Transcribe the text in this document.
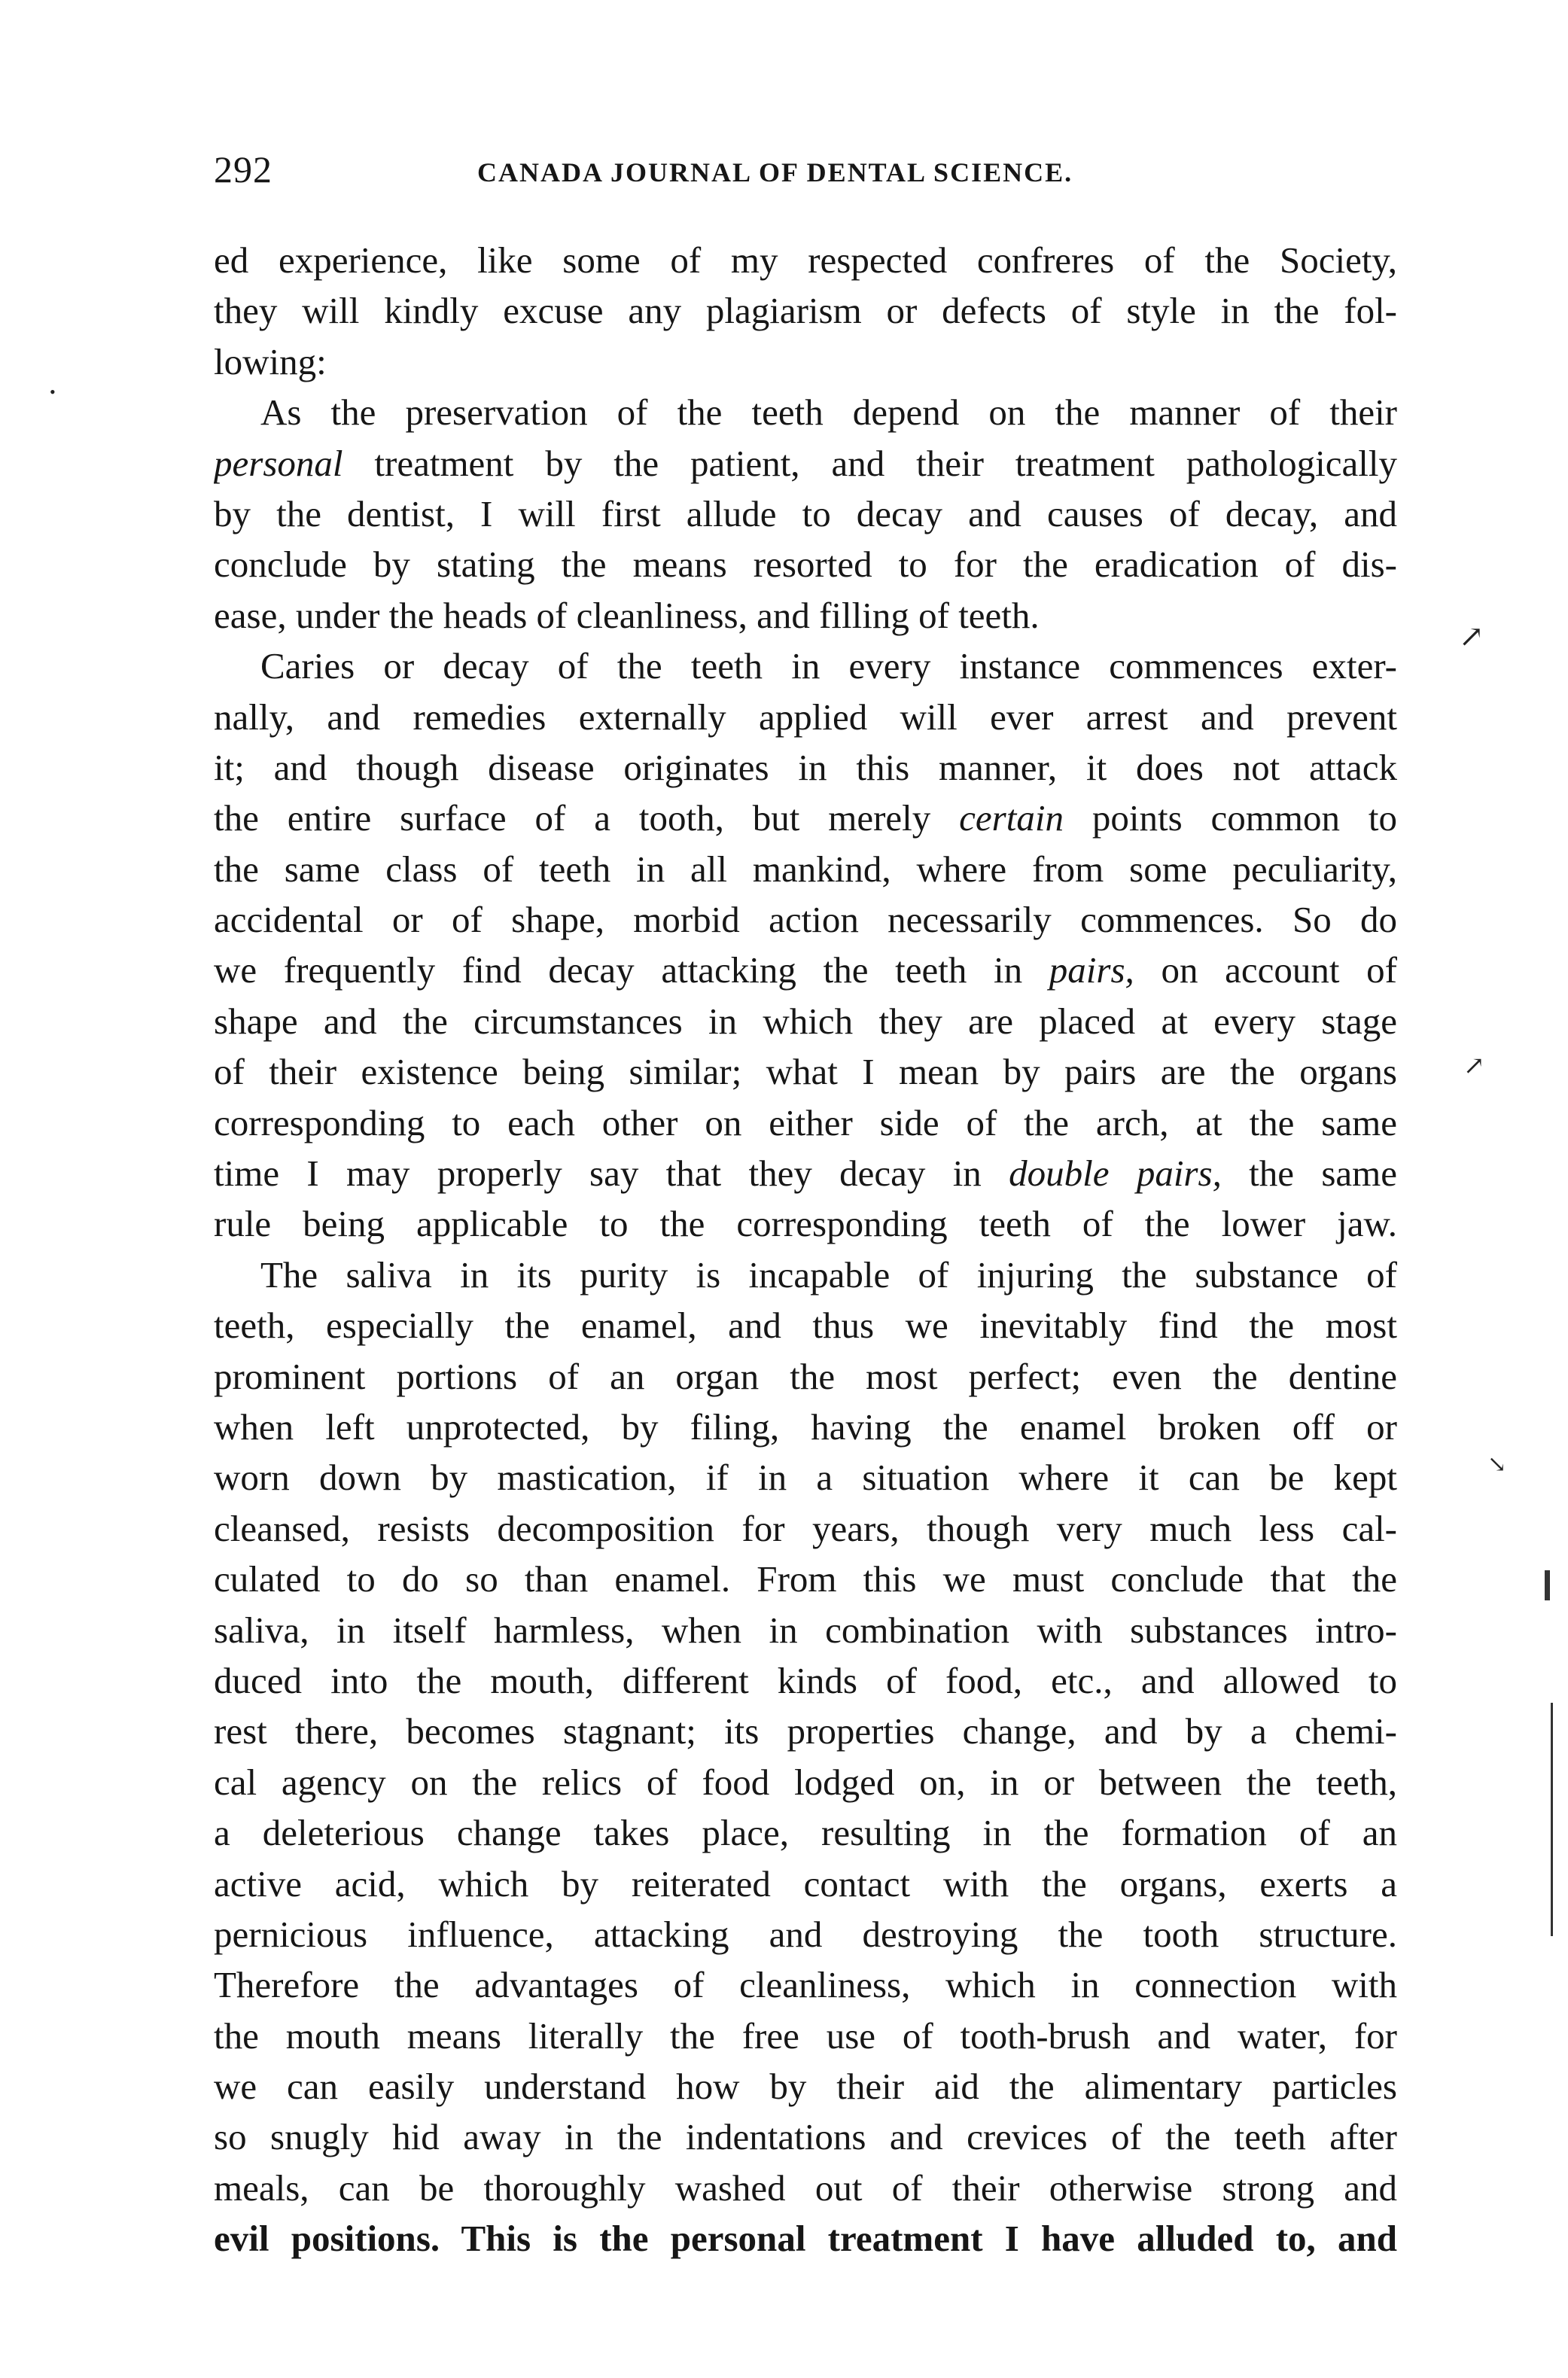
292	CANADA JOURNAL OF DENTAL SCIENCE.
ed experience, like some of my respected confreres of the Society,
they will kindly excuse any plagiarism or defects of style in the fol-
lowing:
As the preservation of the teeth depend on the manner of their
personal treatment by the patient, and their treatment pathologically
by the dentist, I will first allude to decay and causes of decay, and
conclude by stating the means resorted to for the eradication of dis-
ease, under the heads of cleanliness, and filling of teeth.
Caries or decay of the teeth in every instance commences exter-
nally, and remedies externally applied will ever arrest and prevent
it; and though disease originates in this manner, it does not attack
the entire surface of a tooth, but merely certain points common to
the same class of teeth in all mankind, where from some peculiarity,
accidental or of shape, morbid action necessarily commences. So do
we frequently find decay attacking the teeth in pairs, on account of
shape and the circumstances in which they are placed at every stage
of their existence being similar; what I mean by pairs are the organs
corresponding to each other on either side of the arch, at the same
time I may properly say that they decay in double pairs, the same
rule being applicable to the corresponding teeth of the lower jaw.
The saliva in its purity is incapable of injuring the substance of
teeth, especially the enamel, and thus we inevitably find the most
prominent portions of an organ the most perfect; even the dentine
when left unprotected, by filing, having the enamel broken off or
worn down by mastication, if in a situation where it can be kept
cleansed, resists decomposition for years, though very much less cal-
culated to do so than enamel. From this we must conclude that the
saliva, in itself harmless, when in combination with substances intro-
duced into the mouth, different kinds of food, etc., and allowed to
rest there, becomes stagnant; its properties change, and by a chemi-
cal agency on the relics of food lodged on, in or between the teeth,
a deleterious change takes place, resulting in the formation of an
active acid, which by reiterated contact with the organs, exerts a
pernicious influence, attacking and destroying the tooth structure.
Therefore the advantages of cleanliness, which in connection with
the mouth means literally the free use of tooth-brush and water, for
we can easily understand how by their aid the alimentary particles
so snugly hid away in the indentations and crevices of the teeth after
meals, can be thoroughly washed out of their otherwise strong and
evil positions. This is the personal treatment I have alluded to, and
↗
↗
↘
•
